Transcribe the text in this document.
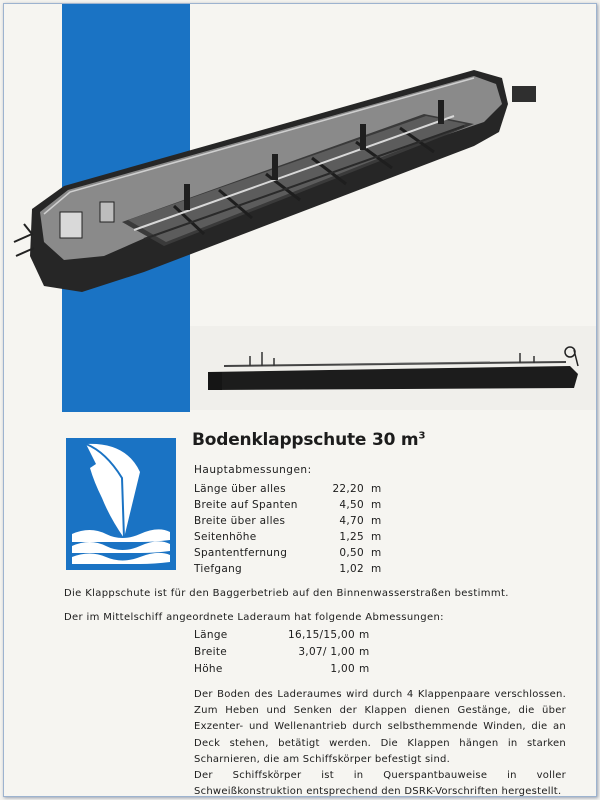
Bodenklappschute 30 $m^3$
Hauptabmessungen:
Länge über alles	22,20	m
Breite auf Spanten	4,50	m
Breite über alles	4,70	m
Seitenhöhe	1,25	m
Spantentfernung	0,50	m
Tiefgang	1,02	m
Die Klappschute ist für den Baggerbetrieb auf den Binnenwasserstraßen bestimmt.
Der im Mittelschiff angeordnete Laderaum hat folgende Abmessungen:
Länge	16,15/15,00	m
Breite	3,07/ 1,00	m
Höhe	1,00	m

Der Boden des Laderaumes wird durch 4 Klappenpaare verschlossen. Zum Heben und Senken der Klappen dienen Gestänge, die über Exzenter- und Wellenantrieb durch selbsthemmende Winden, die an Deck stehen, betätigt werden. Die Klappen hängen in starken Scharnieren, die am Schiffskörper befestigt sind.

Der Schiffskörper ist in Querspantbauweise in voller Schweißkonstruktion entsprechend den DSRK-Vorschriften hergestellt.
